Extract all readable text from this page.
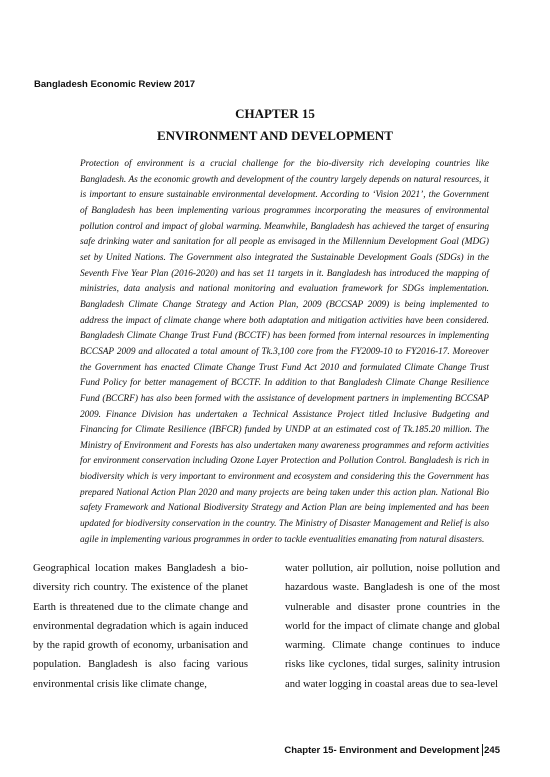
Bangladesh Economic Review 2017
CHAPTER 15
ENVIRONMENT AND DEVELOPMENT

Protection of environment is a crucial challenge for the bio-diversity rich developing countries like Bangladesh. As the economic growth and development of the country largely depends on natural resources, it is important to ensure sustainable environmental development. According to ‘Vision 2021’, the Government of Bangladesh has been implementing various programmes incorporating the measures of environmental pollution control and impact of global warming. Meanwhile, Bangladesh has achieved the target of ensuring safe drinking water and sanitation for all people as envisaged in the Millennium Development Goal (MDG) set by United Nations. The Government also integrated the Sustainable Development Goals (SDGs) in the Seventh Five Year Plan (2016-2020) and has set 11 targets in it. Bangladesh has introduced the mapping of ministries, data analysis and national monitoring and evaluation framework for SDGs implementation. Bangladesh Climate Change Strategy and Action Plan, 2009 (BCCSAP 2009) is being implemented to address the impact of climate change where both adaptation and mitigation activities have been considered. Bangladesh Climate Change Trust Fund (BCCTF) has been formed from internal resources in implementing BCCSAP 2009 and allocated a total amount of Tk.3,100 core from the FY2009-10 to FY2016-17. Moreover the Government has enacted Climate Change Trust Fund Act 2010 and formulated Climate Change Trust Fund Policy for better management of BCCTF. In addition to that Bangladesh Climate Change Resilience Fund (BCCRF) has also been formed with the assistance of development partners in implementing BCCSAP 2009. Finance Division has undertaken a Technical Assistance Project titled Inclusive Budgeting and Financing for Climate Resilience (IBFCR) funded by UNDP at an estimated cost of Tk.185.20 million. The Ministry of Environment and Forests has also undertaken many awareness programmes and reform activities for environment conservation including Ozone Layer Protection and Pollution Control. Bangladesh is rich in biodiversity which is very important to environment and ecosystem and considering this the Government has prepared National Action Plan 2020 and many projects are being taken under this action plan. National Bio safety Framework and National Biodiversity Strategy and Action Plan are being implemented and has been updated for biodiversity conservation in the country. The Ministry of Disaster Management and Relief is also agile in implementing various programmes in order to tackle eventualities emanating from natural disasters.

Geographical location makes Bangladesh a bio-diversity rich country. The existence of the planet Earth is threatened due to the climate change and environmental degradation which is again induced by the rapid growth of economy, urbanisation and population. Bangladesh is also facing various environmental crisis like climate change,

water pollution, air pollution, noise pollution and hazardous waste. Bangladesh is one of the most vulnerable and disaster prone countries in the world for the impact of climate change and global warming. Climate change continues to induce risks like cyclones, tidal surges, salinity intrusion and water logging in coastal areas due to sea-level

Chapter 15- Environment and Development 245
